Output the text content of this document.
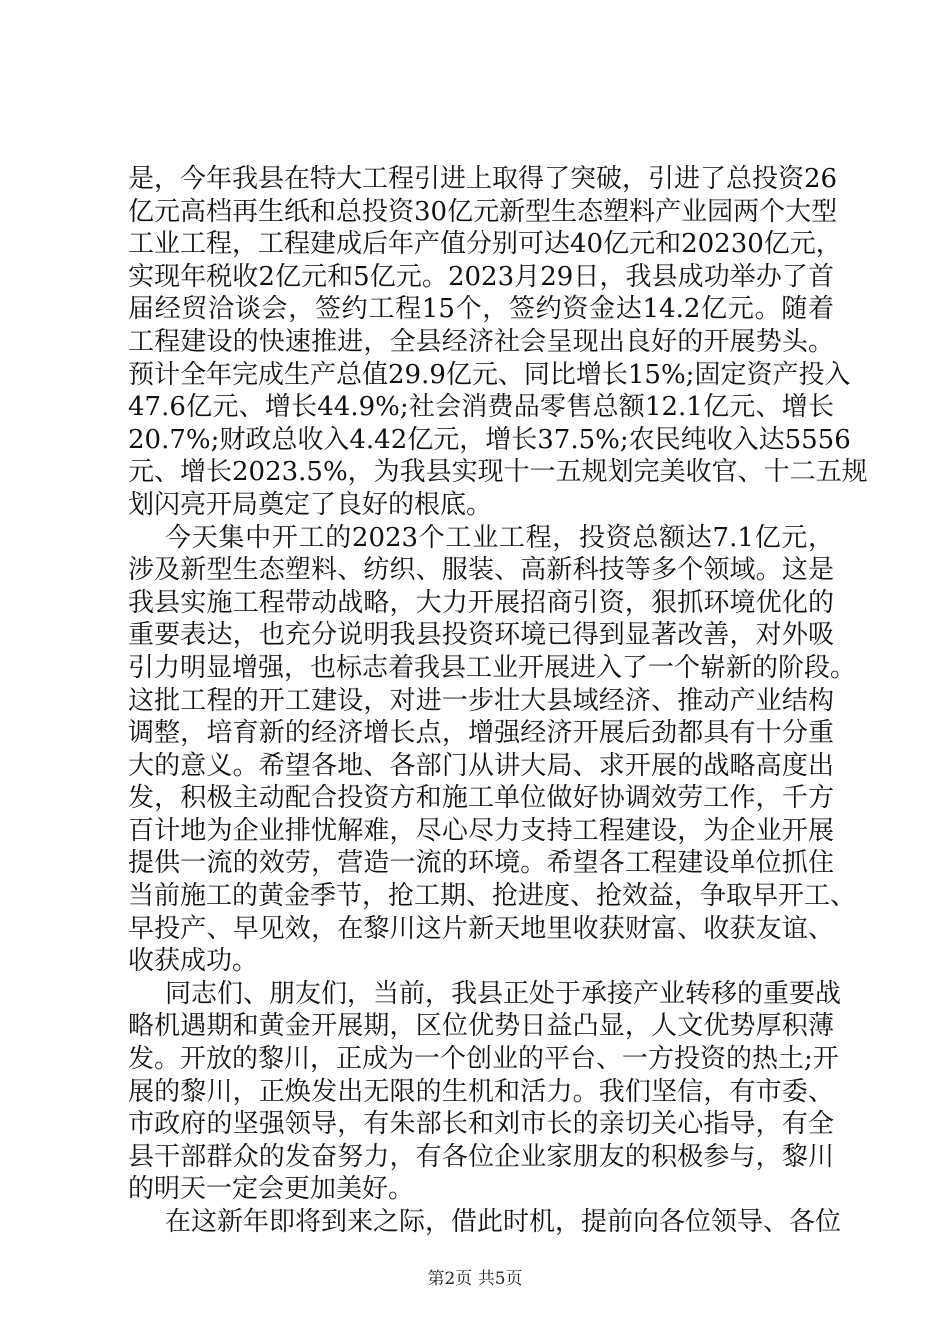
是，今年我县在特大工程引进上取得了突破，引进了总投资26
亿元高档再生纸和总投资30亿元新型生态塑料产业园两个大型
工业工程，工程建成后年产值分别可达40亿元和20230亿元，
实现年税收2亿元和5亿元。2023月29日，我县成功举办了首
届经贸洽谈会，签约工程15个，签约资金达14.2亿元。随着
工程建设的快速推进，全县经济社会呈现出良好的开展势头。
预计全年完成生产总值29.9亿元、同比增长15%;固定资产投入
47.6亿元、增长44.9%;社会消费品零售总额12.1亿元、增长
20.7%;财政总收入4.42亿元，增长37.5%;农民纯收入达5556
元、增长2023.5%，为我县实现十一五规划完美收官、十二五规
划闪亮开局奠定了良好的根底。
今天集中开工的2023个工业工程，投资总额达7.1亿元，
涉及新型生态塑料、纺织、服装、高新科技等多个领域。这是
我县实施工程带动战略，大力开展招商引资，狠抓环境优化的
重要表达，也充分说明我县投资环境已得到显著改善，对外吸
引力明显增强，也标志着我县工业开展进入了一个崭新的阶段。
这批工程的开工建设，对进一步壮大县域经济、推动产业结构
调整，培育新的经济增长点，增强经济开展后劲都具有十分重
大的意义。希望各地、各部门从讲大局、求开展的战略高度出
发，积极主动配合投资方和施工单位做好协调效劳工作，千方
百计地为企业排忧解难，尽心尽力支持工程建设，为企业开展
提供一流的效劳，营造一流的环境。希望各工程建设单位抓住
当前施工的黄金季节，抢工期、抢进度、抢效益，争取早开工、
早投产、早见效，在黎川这片新天地里收获财富、收获友谊、
收获成功。
同志们、朋友们，当前，我县正处于承接产业转移的重要战
略机遇期和黄金开展期，区位优势日益凸显，人文优势厚积薄
发。开放的黎川，正成为一个创业的平台、一方投资的热土;开
展的黎川，正焕发出无限的生机和活力。我们坚信，有市委、
市政府的坚强领导，有朱部长和刘市长的亲切关心指导，有全
县干部群众的发奋努力，有各位企业家朋友的积极参与，黎川
的明天一定会更加美好。
在这新年即将到来之际，借此时机，提前向各位领导、各位
第2页 共5页
